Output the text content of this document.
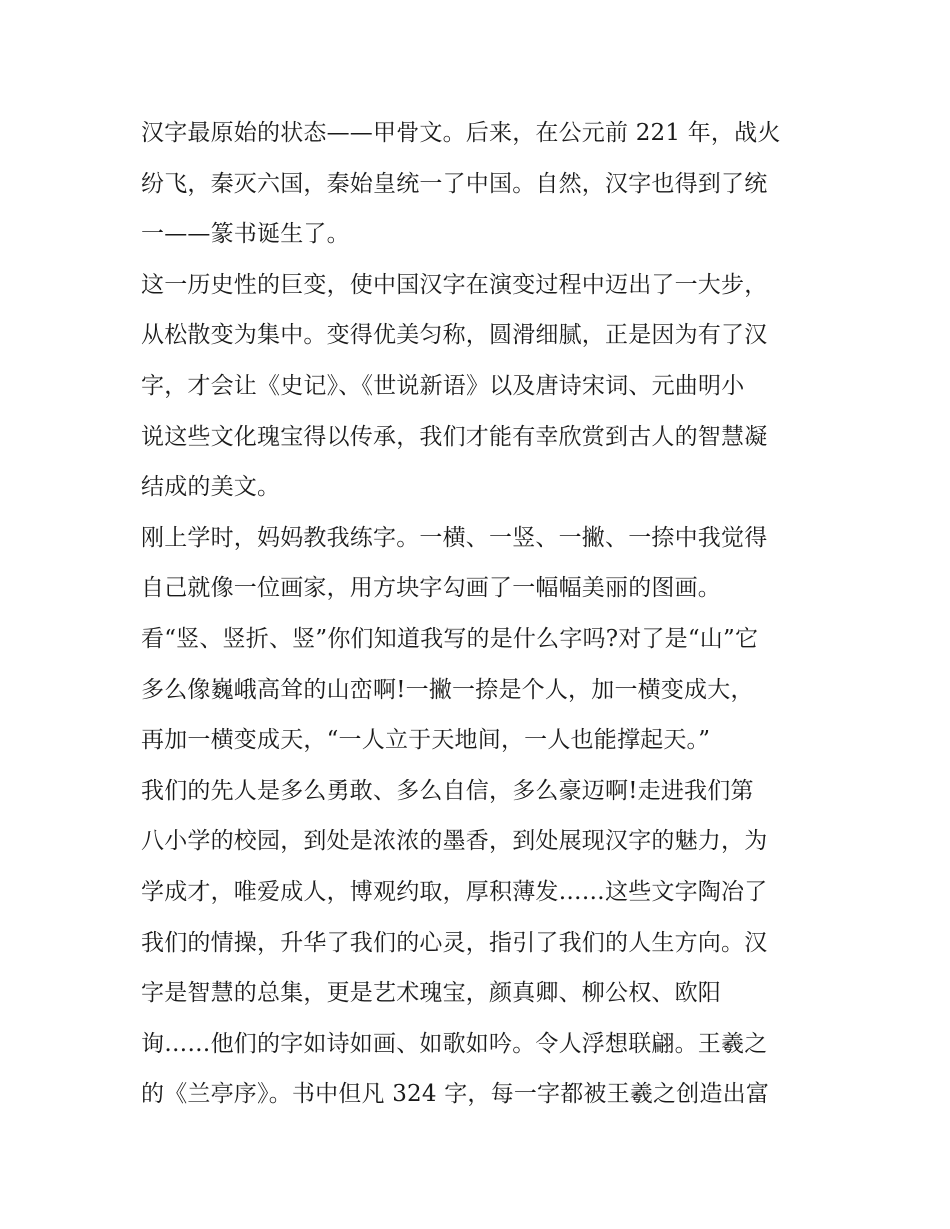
汉字最原始的状态——甲骨文。后来，在公元前 221 年，战火
纷飞，秦灭六国，秦始皇统一了中国。自然，汉字也得到了统
一——篆书诞生了。
这一历史性的巨变，使中国汉字在演变过程中迈出了一大步，
从松散变为集中。变得优美匀称，圆滑细腻，正是因为有了汉
字，才会让《史记》、《世说新语》以及唐诗宋词、元曲明小
说这些文化瑰宝得以传承，我们才能有幸欣赏到古人的智慧凝
结成的美文。
刚上学时，妈妈教我练字。一横、一竖、一撇、一捺中我觉得
自己就像一位画家，用方块字勾画了一幅幅美丽的图画。
看“竖、竖折、竖”你们知道我写的是什么字吗?对了是“山”它
多么像巍峨高耸的山峦啊!一撇一捺是个人，加一横变成大，
再加一横变成天，“一人立于天地间，一人也能撑起天。”
我们的先人是多么勇敢、多么自信，多么豪迈啊!走进我们第
八小学的校园，到处是浓浓的墨香，到处展现汉字的魅力，为
学成才，唯爱成人，博观约取，厚积薄发……这些文字陶冶了
我们的情操，升华了我们的心灵，指引了我们的人生方向。汉
字是智慧的总集，更是艺术瑰宝，颜真卿、柳公权、欧阳
询……他们的字如诗如画、如歌如吟。令人浮想联翩。王羲之
的《兰亭序》。书中但凡 324 字，每一字都被王羲之创造出富
